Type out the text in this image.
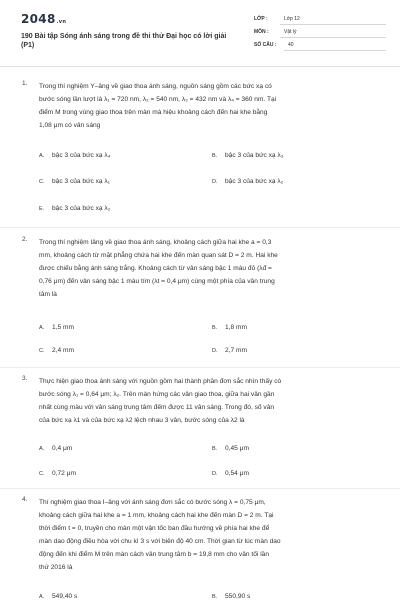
2048.vn
190 Bài tập Sóng ánh sáng trong đề thi thử Đại học có lời giải (P1)
LỚP :	Lớp 12
MÔN :	Vật lý
SỐ CÂU : 40
1. Trong thí nghiệm Y–âng về giao thoa ánh sáng, nguồn sáng gồm các bức xạ có
bước sóng lần lượt là λ₁ = 720 nm, λ₂ = 540 nm, λ₃ = 432 nm và λ₄ = 360 nm. Tại
điểm M trong vùng giao thoa trên màn mà hiệu khoảng cách đến hai khe bằng
1,08 μm có vân sáng
A. bậc 3 của bức xạ λ₄	B. bậc 3 của bức xạ λ₃
C. bậc 3 của bức xạ λ₁	D. bậc 3 của bức xạ λ₂
E. bậc 3 của bức xạ λ₂
2. Trong thí nghiệm Iâng về giao thoa ánh sáng, khoảng cách giữa hai khe a = 0,3
mm, khoảng cách từ mặt phẳng chứa hai khe đến màn quan sát D = 2 m. Hai khe
được chiếu bằng ánh sáng trắng. Khoảng cách từ vân sáng bậc 1 màu đỏ (λđ =
0,76 μm) đến vân sáng bậc 1 màu tím (λt = 0,4 μm) cùng một phía của vân trung
tâm là
A. 1,5 mm	B. 1,8 mm
C. 2,4 mm	D. 2,7 mm
3. Thực hiện giao thoa ánh sáng với nguồn gồm hai thành phần đơn sắc nhìn thấy có
bước sóng λ₁ = 0,64 μm; λ₂. Trên màn hứng các vân giao thoa, giữa hai vân gần
nhất cùng màu với vân sáng trung tâm đếm được 11 vân sáng. Trong đó, số vân
của bức xạ λ1 và của bức xạ λ2 lệch nhau 3 vân, bước sóng của λ2 là
A. 0,4 μm	B. 0,45 μm
C. 0,72 μm	D. 0,54 μm
4. Thí nghiệm giao thoa I–âng với ánh sáng đơn sắc có bước sóng λ = 0,75 μm,
khoảng cách giữa hai khe a = 1 mm, khoảng cách hai khe đến màn D = 2 m. Tại
thời điểm t = 0, truyền cho màn một vận tốc ban đầu hướng về phía hai khe để
màn dao động điều hòa với chu kì 3 s với biên độ 40 cm. Thời gian từ lúc màn dao
động đến khi điểm M trên màn cách vân trung tâm b = 19,8 mm cho vân tối lần
thứ 2016 là
A. 549,40 s	B. 550,90 s
